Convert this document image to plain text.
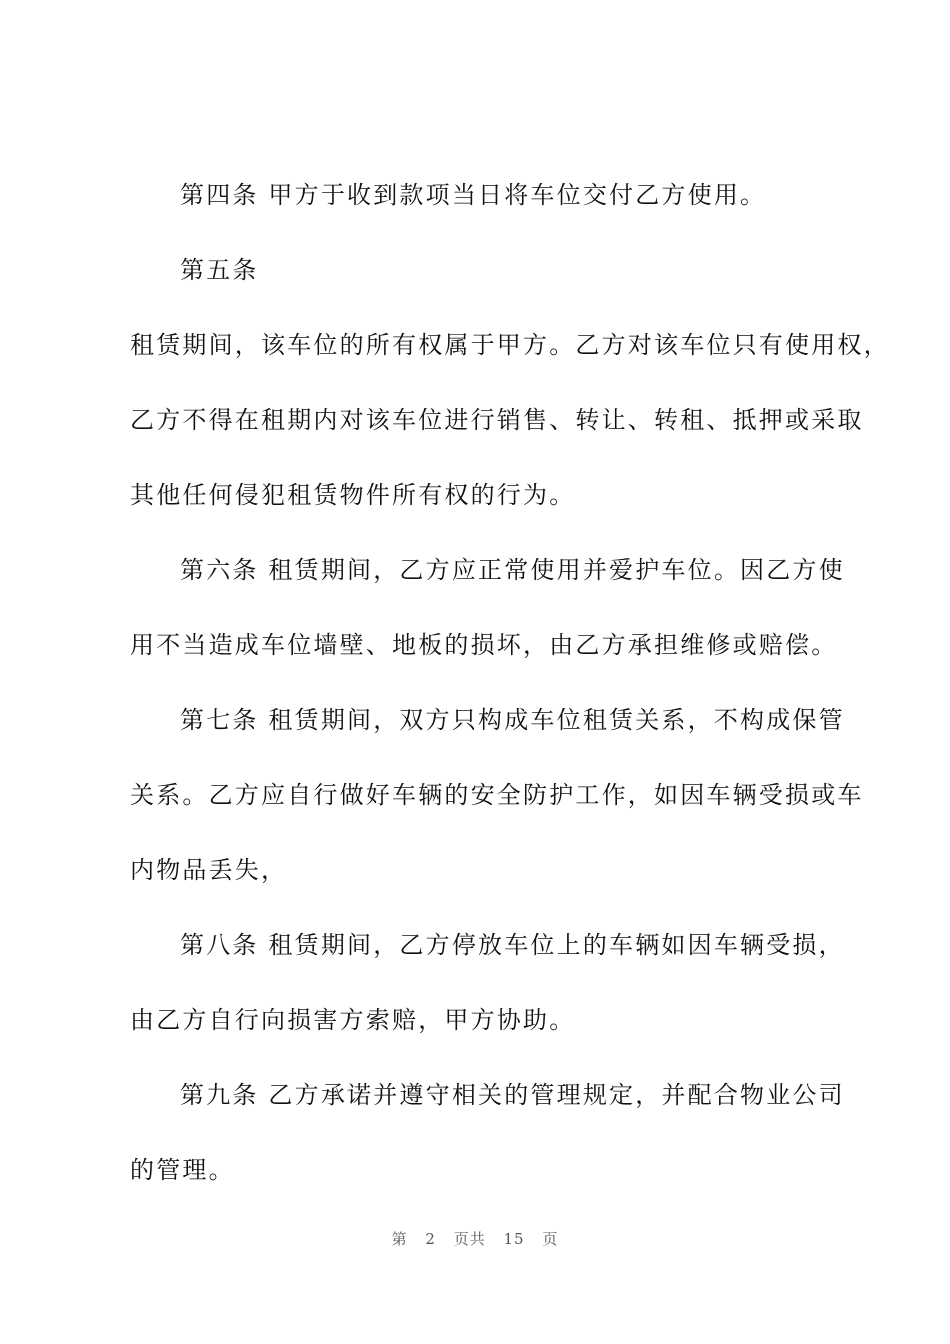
第四条 甲方于收到款项当日将车位交付乙方使用。
第五条
租赁期间，该车位的所有权属于甲方。乙方对该车位只有使用权，
乙方不得在租期内对该车位进行销售、转让、转租、抵押或采取
其他任何侵犯租赁物件所有权的行为。
第六条 租赁期间，乙方应正常使用并爱护车位。因乙方使
用不当造成车位墙壁、地板的损坏，由乙方承担维修或赔偿。
第七条 租赁期间，双方只构成车位租赁关系，不构成保管
关系。乙方应自行做好车辆的安全防护工作，如因车辆受损或车
内物品丢失，
第八条 租赁期间，乙方停放车位上的车辆如因车辆受损，
由乙方自行向损害方索赔，甲方协助。
第九条 乙方承诺并遵守相关的管理规定，并配合物业公司
的管理。
第 2 页共 15 页
